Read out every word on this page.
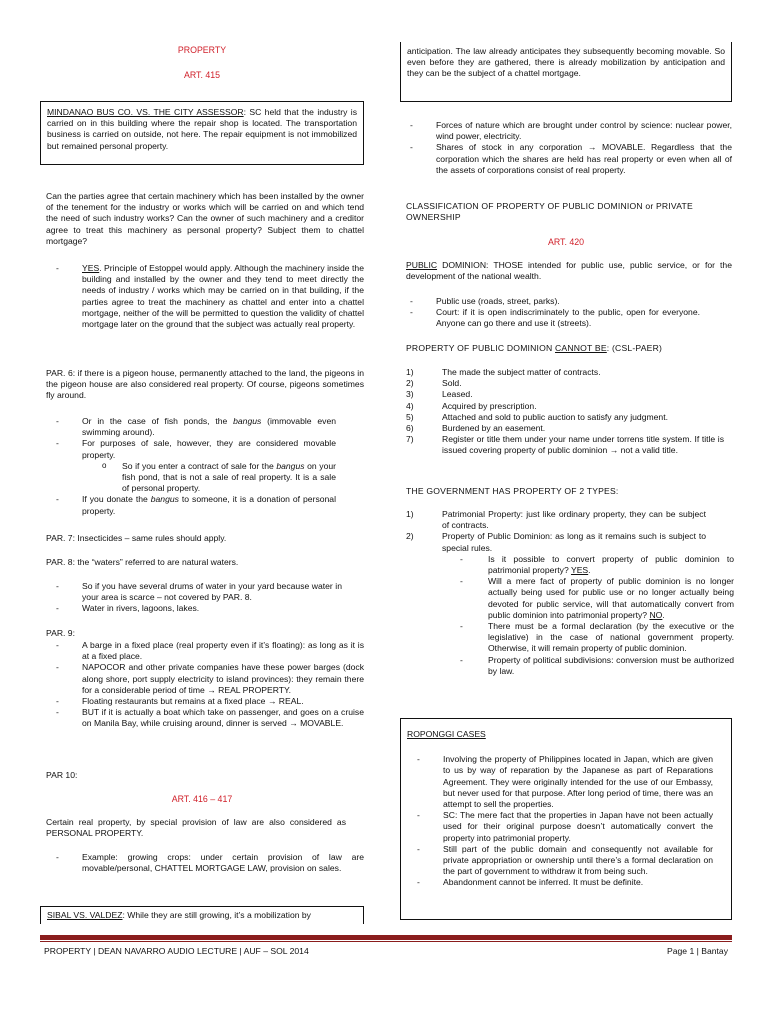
PROPERTY
ART. 415
MINDANAO BUS CO. VS. THE CITY ASSESSOR: SC held that the industry is carried on in this building where the repair shop is located. The transportation business is carried on outside, not here. The repair equipment is not immobilized but remained personal property.

Can the parties agree that certain machinery which has been installed by the owner of the tenement for the industry or works which will be carried on and which tend the need of such industry works? Can the owner of such machinery and a creditor agree to treat this machinery as personal property? Subject them to chattel mortgage?

- YES. Principle of Estoppel would apply. Although the machinery inside the building and installed by the owner and they tend to meet directly the needs of industry / works which may be carried on in that building, if the parties agree to treat the machinery as chattel and enter into a chattel mortgage, neither of the will be permitted to question the validity of chattel mortgage later on the ground that the subject was actually real property.

PAR. 6: if there is a pigeon house, permanently attached to the land, the pigeons in the pigeon house are also considered real property. Of course, pigeons sometimes fly around.

- Or in the case of fish ponds, the bangus (immovable even swimming around).
- For purposes of sale, however, they are considered movable property.
o So if you enter a contract of sale for the bangus on your fish pond, that is not a sale of real property. It is a sale of personal property.
- If you donate the bangus to someone, it is a donation of personal property.

PAR. 7: Insecticides – same rules should apply.

PAR. 8: the “waters” referred to are natural waters.

- So if you have several drums of water in your yard because water in your area is scarce – not covered by PAR. 8.
- Water in rivers, lagoons, lakes.

PAR. 9:

- A barge in a fixed place (real property even if it’s floating): as long as it is at a fixed place.
- NAPOCOR and other private companies have these power barges (dock along shore, port supply electricity to island provinces): they remain there for a considerable period of time → REAL PROPERTY.
- Floating restaurants but remains at a fixed place → REAL.
- BUT if it is actually a boat which take on passenger, and goes on a cruise on Manila Bay, while cruising around, dinner is served → MOVABLE.

PAR 10:

ART. 416 – 417

Certain real property, by special provision of law are also considered as PERSONAL PROPERTY.

- Example: growing crops: under certain provision of law are movable/personal, CHATTEL MORTGAGE LAW, provision on sales.
SIBAL VS. VALDEZ: While they are still growing, it’s a mobilization by
anticipation. The law already anticipates they subsequently becoming movable. So even before they are gathered, there is already mobilization by anticipation and they can be the subject of a chattel mortgage.
- Forces of nature which are brought under control by science: nuclear power, wind power, electricity.
- Shares of stock in any corporation → MOVABLE. Regardless that the corporation which the shares are held has real property or even when all of the assets of corporations consist of real property.

CLASSIFICATION OF PROPERTY OF PUBLIC DOMINION or PRIVATE OWNERSHIP

ART. 420

PUBLIC DOMINION: THOSE intended for public use, public service, or for the development of the national wealth.

- Public use (roads, street, parks).
- Court: if it is open indiscriminately to the public, open for everyone. Anyone can go there and use it (streets).

PROPERTY OF PUBLIC DOMINION CANNOT BE: (CSL-PAER)

1)	The made the subject matter of contracts.
2)	Sold.
3)	Leased.
4)	Acquired by prescription.
5)	Attached and sold to public auction to satisfy any judgment.
6)	Burdened by an easement.
7)	Register or title them under your name under torrens title system. If title is issued covering property of public dominion → not a valid title.

THE GOVERNMENT HAS PROPERTY OF 2 TYPES:

1)	Patrimonial Property: just like ordinary property, they can be subject of contracts.
2)	Property of Public Dominion: as long as it remains such is subject to special rules.
- Is it possible to convert property of public dominion to patrimonial property? YES.
- Will a mere fact of property of public dominion is no longer actually being used for public use or no longer actually being devoted for public service, will that automatically convert from public dominion into patrimonial property? NO.
- There must be a formal declaration (by the executive or the legislative) in the case of national government property. Otherwise, it will remain property of public dominion.
- Property of political subdivisions: conversion must be authorized by law.
ROPONGGI CASES
- Involving the property of Philippines located in Japan, which are given to us by way of reparation by the Japanese as part of Reparations Agreement. They were originally intended for the use of our Embassy, but never used for that purpose. After long period of time, there was an attempt to sell the properties.
- SC: The mere fact that the properties in Japan have not been actually used for their original purpose doesn’t automatically convert the property into patrimonial property.
- Still part of the public domain and consequently not available for private appropriation or ownership until there’s a formal declaration on the part of government to withdraw it from being such.
- Abandonment cannot be inferred. It must be definite.
PROPERTY | DEAN NAVARRO AUDIO LECTURE | AUF – SOL 2014	Page 1 | Bantay
